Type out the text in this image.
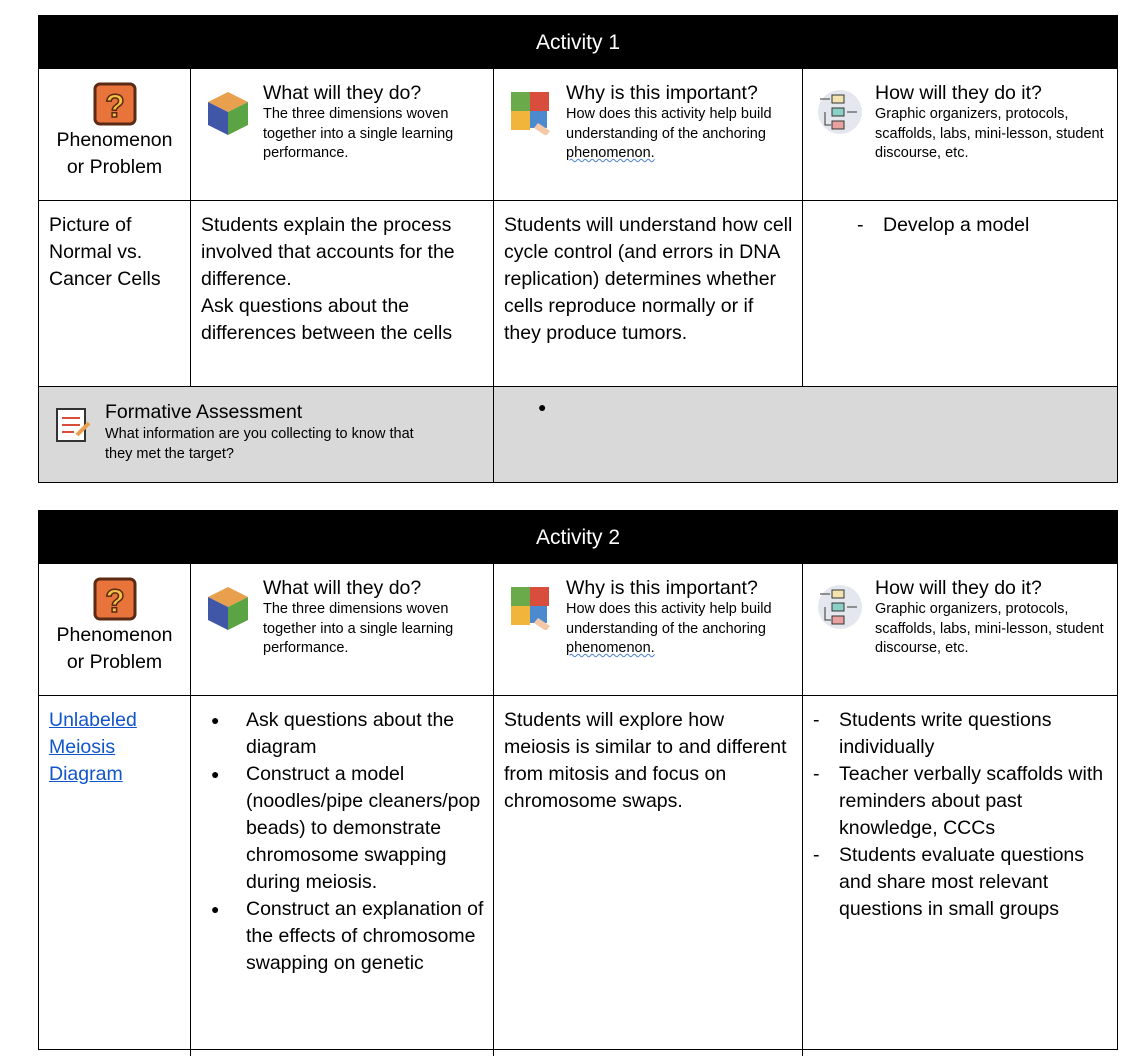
Activity 1
Phenomenon or Problem
What will they do?
The three dimensions woven together into a single learning performance.
Why is this important?
How does this activity help build understanding of the anchoring phenomenon.
How will they do it?
Graphic organizers, protocols, scaffolds, labs, mini-lesson, student discourse, etc.
Picture of Normal vs. Cancer Cells
Students explain the process involved that accounts for the difference.
Ask questions about the differences between the cells
Students will understand how cell cycle control (and errors in DNA replication) determines whether cells reproduce normally or if they produce tumors.
- Develop a model
Formative Assessment
What information are you collecting to know that they met the target?
●
Activity 2
Phenomenon or Problem
What will they do?
The three dimensions woven together into a single learning performance.
Why is this important?
How does this activity help build understanding of the anchoring phenomenon.
How will they do it?
Graphic organizers, protocols, scaffolds, labs, mini-lesson, student discourse, etc.
Unlabeled Meiosis Diagram
● Ask questions about the diagram
● Construct a model (noodles/pipe cleaners/pop beads) to demonstrate chromosome swapping during meiosis.
● Construct an explanation of the effects of chromosome swapping on genetic
Students will explore how meiosis is similar to and different from mitosis and focus on chromosome swaps.
- Students write questions individually
- Teacher verbally scaffolds with reminders about past knowledge, CCCs
- Students evaluate questions and share most relevant questions in small groups
